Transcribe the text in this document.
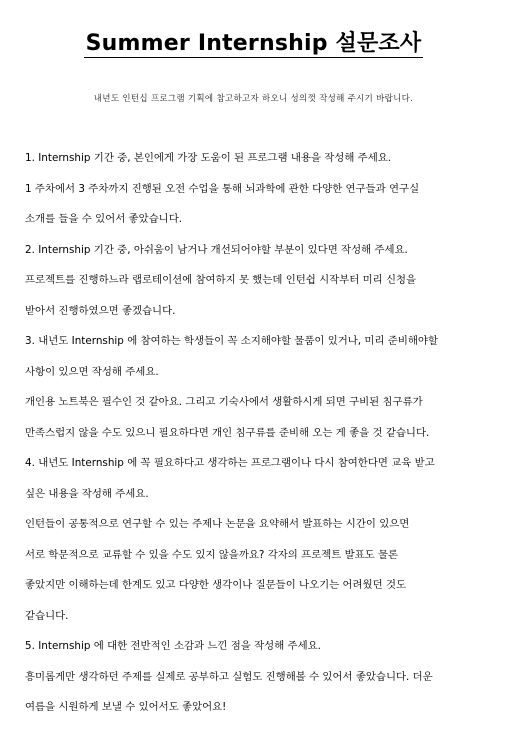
Summer Internship 설문조사
내년도 인턴십 프로그램 기획에 참고하고자 하오니 성의껏 작성해 주시기 바랍니다.
1. Internship 기간 중, 본인에게 가장 도움이 된 프로그램 내용을 작성해 주세요.
1 주차에서 3 주차까지 진행된 오전 수업을 통해 뇌과학에 관한 다양한 연구들과 연구실
소개를 들을 수 있어서 좋았습니다.
2. Internship 기간 중, 아쉬움이 남거나 개선되어야할 부분이 있다면 작성해 주세요.
프로젝트를 진행하느라 랩로테이션에 참여하지 못 했는데 인턴쉽 시작부터 미리 신청을
받아서 진행하였으면 좋겠습니다.
3. 내년도 Internship 에 참여하는 학생들이 꼭 소지해야할 물품이 있거나, 미리 준비해야할
사항이 있으면 작성해 주세요.
개인용 노트북은 필수인 것 같아요. 그리고 기숙사에서 생활하시게 되면 구비된 침구류가
만족스럽지 않을 수도 있으니 필요하다면 개인 침구류를 준비해 오는 게 좋을 것 같습니다.
4. 내년도 Internship 에 꼭 필요하다고 생각하는 프로그램이나 다시 참여한다면 교육 받고
싶은 내용을 작성해 주세요.
인턴들이 공통적으로 연구할 수 있는 주제나 논문을 요약해서 발표하는 시간이 있으면
서로 학문적으로 교류할 수 있을 수도 있지 않을까요? 각자의 프로젝트 발표도 물론
좋았지만 이해하는데 한계도 있고 다양한 생각이나 질문들이 나오기는 어려웠던 것도
같습니다.
5. Internship 에 대한 전반적인 소감과 느낀 점을 작성해 주세요.
흥미롭게만 생각하던 주제를 실제로 공부하고 실험도 진행해볼 수 있어서 좋았습니다. 더운
여름을 시원하게 보낼 수 있어서도 좋았어요!
